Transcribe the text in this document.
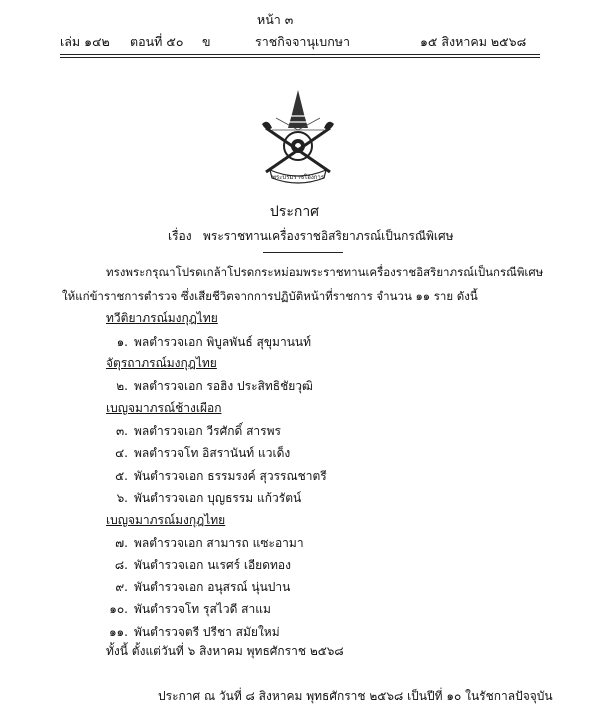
หน้า ๓
เล่ม ๑๔๒ ตอนที่ ๕๐ ข	ราชกิจจานุเบกษา	๑๕ สิงหาคม ๒๕๖๘
พระบรมราชโองการ
ประกาศ
เรื่อง พระราชทานเครื่องราชอิสริยาภรณ์เป็นกรณีพิเศษ
ทรงพระกรุณาโปรดเกล้าโปรดกระหม่อมพระราชทานเครื่องราชอิสริยาภรณ์เป็นกรณีพิเศษ
ให้แก่ข้าราชการตำรวจ ซึ่งเสียชีวิตจากการปฏิบัติหน้าที่ราชการ จำนวน ๑๑ ราย ดังนี้
ทวีติยาภรณ์มงกุฎไทย
๑. พลตำรวจเอก พิบูลพันธ์ สุขุมานนท์
จัตุรถาภรณ์มงกุฎไทย
๒. พลตำรวจเอก รอฮิง ประสิทธิชัยวุฒิ
เบญจมาภรณ์ช้างเผือก
๓. พลตำรวจเอก วีรศักดิ์ สารพร
๔. พลตำรวจโท อิสรานันท์ แวเด็ง
๕. พันตำรวจเอก ธรรมรงค์ สุวรรณชาตรี
๖. พันตำรวจเอก บุญธรรม แก้วรัตน์
เบญจมาภรณ์มงกุฎไทย
๗. พลตำรวจเอก สามารถ แซะอามา
๘. พันตำรวจเอก นเรศร์ เอียดทอง
๙. พันตำรวจเอก อนุสรณ์ นุ่นปาน
๑๐. พันตำรวจโท รุสไวดี สาแม
๑๑. พันตำรวจตรี ปรีชา สมัยใหม่
ทั้งนี้ ตั้งแต่วันที่ ๖ สิงหาคม พุทธศักราช ๒๕๖๘
ประกาศ ณ วันที่ ๘ สิงหาคม พุทธศักราช ๒๕๖๘ เป็นปีที่ ๑๐ ในรัชกาลปัจจุบัน
